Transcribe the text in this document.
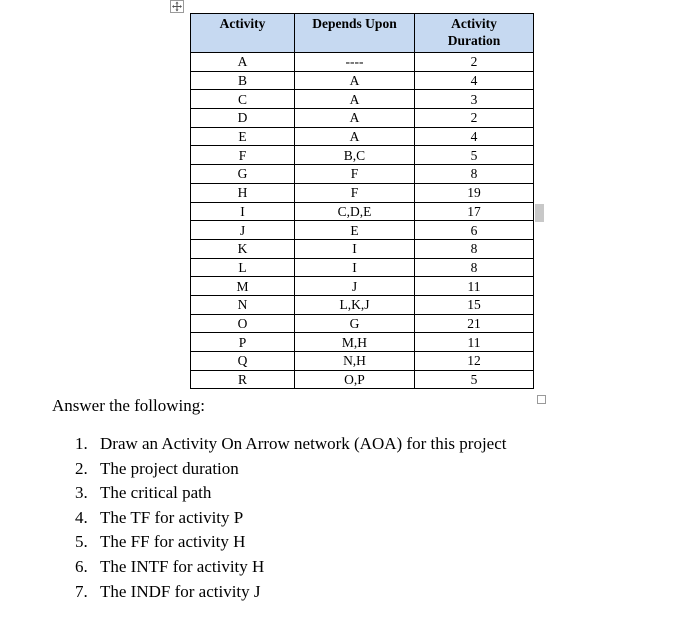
Activity	Depends Upon	Activity
Duration
A	----	2
B	A	4
C	A	3
D	A	2
E	A	4
F	B,C	5
G	F	8
H	F	19
I	C,D,E	17
J	E	6
K	I	8
L	I	8
M	J	11
N	L,K,J	15
O	G	21
P	M,H	11
Q	N,H	12
R	O,P	5
Answer the following:
1. Draw an Activity On Arrow network (AOA) for this project
2. The project duration
3. The critical path
4. The TF for activity P
5. The FF for activity H
6. The INTF for activity H
7. The INDF for activity J
